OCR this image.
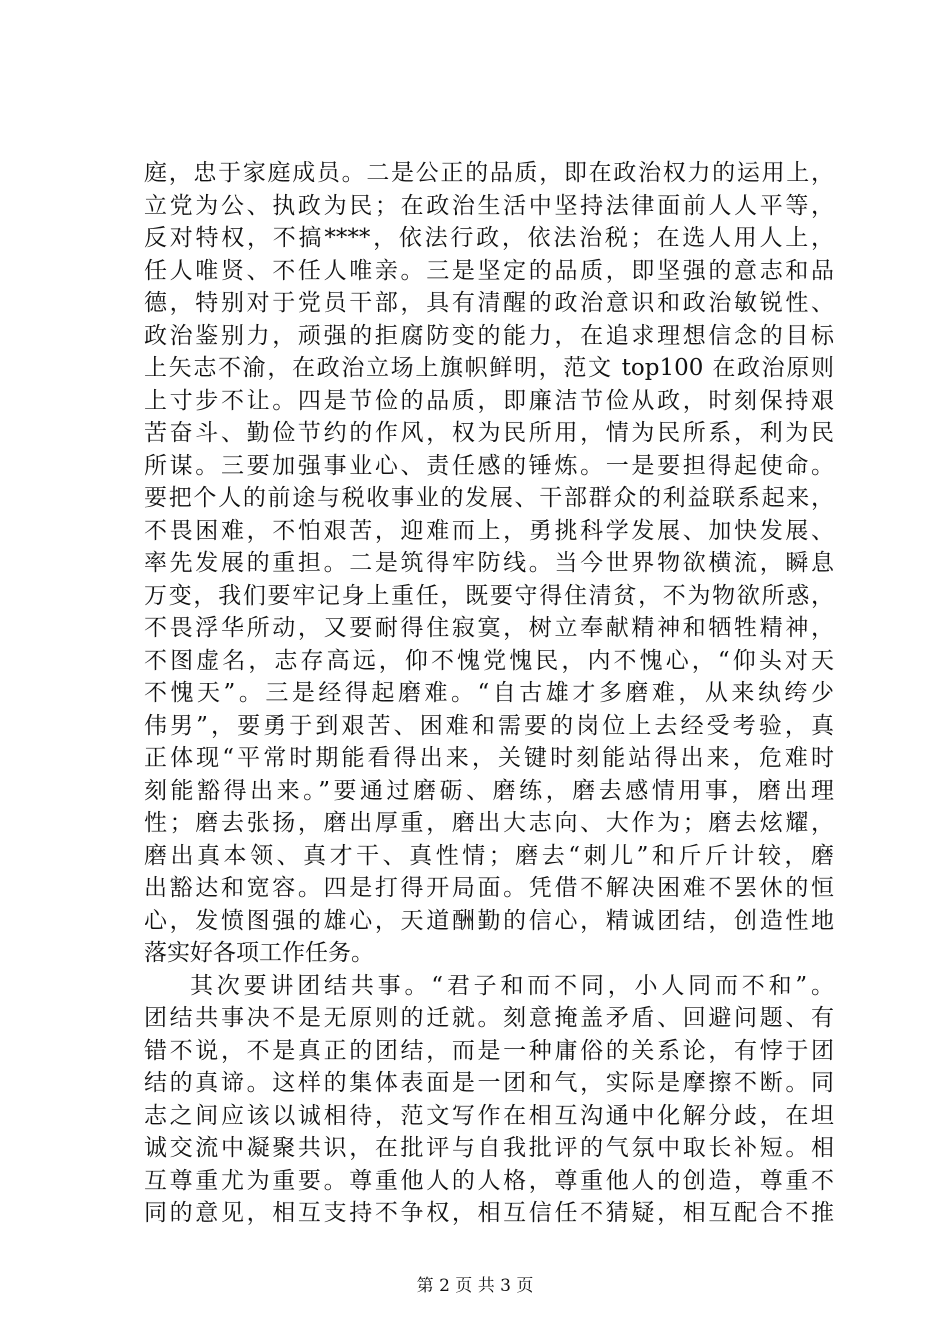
庭，忠于家庭成员。二是公正的品质，即在政治权力的运用上，
立党为公、执政为民；在政治生活中坚持法律面前人人平等，
反对特权，不搞****，依法行政，依法治税；在选人用人上，
任人唯贤、不任人唯亲。三是坚定的品质，即坚强的意志和品
德，特别对于党员干部，具有清醒的政治意识和政治敏锐性、
政治鉴别力，顽强的拒腐防变的能力，在追求理想信念的目标
上矢志不渝，在政治立场上旗帜鲜明，范文 top100 在政治原则
上寸步不让。四是节俭的品质，即廉洁节俭从政，时刻保持艰
苦奋斗、勤俭节约的作风，权为民所用，情为民所系，利为民
所谋。三要加强事业心、责任感的锤炼。一是要担得起使命。
要把个人的前途与税收事业的发展、干部群众的利益联系起来，
不畏困难，不怕艰苦，迎难而上，勇挑科学发展、加快发展、
率先发展的重担。二是筑得牢防线。当今世界物欲横流，瞬息
万变，我们要牢记身上重任，既要守得住清贫，不为物欲所惑，
不畏浮华所动，又要耐得住寂寞，树立奉献精神和牺牲精神，
不图虚名，志存高远，仰不愧党愧民，内不愧心，“仰头对天
不愧天”。三是经得起磨难。“自古雄才多磨难，从来纨绔少
伟男”，要勇于到艰苦、困难和需要的岗位上去经受考验，真
正体现“平常时期能看得出来，关键时刻能站得出来，危难时
刻能豁得出来。”要通过磨砺、磨练，磨去感情用事，磨出理
性；磨去张扬，磨出厚重，磨出大志向、大作为；磨去炫耀，
磨出真本领、真才干、真性情；磨去“刺儿”和斤斤计较，磨
出豁达和宽容。四是打得开局面。凭借不解决困难不罢休的恒
心，发愤图强的雄心，天道酬勤的信心，精诚团结，创造性地
落实好各项工作任务。
其次要讲团结共事。“君子和而不同，小人同而不和”。
团结共事决不是无原则的迁就。刻意掩盖矛盾、回避问题、有
错不说，不是真正的团结，而是一种庸俗的关系论，有悖于团
结的真谛。这样的集体表面是一团和气，实际是摩擦不断。同
志之间应该以诚相待，范文写作在相互沟通中化解分歧，在坦
诚交流中凝聚共识，在批评与自我批评的气氛中取长补短。相
互尊重尤为重要。尊重他人的人格，尊重他人的创造，尊重不
同的意见，相互支持不争权，相互信任不猜疑，相互配合不推
第 2 页 共 3 页
